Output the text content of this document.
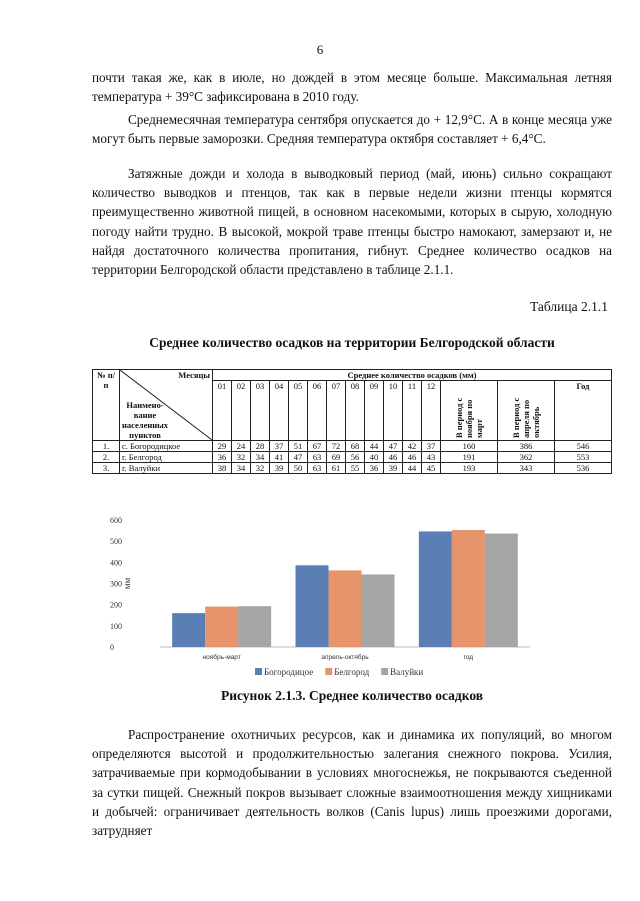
6

почти такая же, как в июле, но дождей в этом месяце больше. Максимальная летняя температура + 39°С зафиксирована в 2010 году.

Среднемесячная температура сентября опускается до + 12,9°С. А в конце месяца уже могут быть первые заморозки. Средняя температура октября составляет + 6,4°С.

Затяжные дожди и холода в выводковый период (май, июнь) сильно сокращают количество выводков и птенцов, так как в первые недели жизни птенцы кормятся преимущественно животной пищей, в основном насекомыми, которых в сырую, холодную погоду найти трудно. В высокой, мокрой траве птенцы быстро намокают, замерзают и, не найдя достаточного количества пропитания, гибнут. Среднее количество осадков на территории Белгородской области представлено в таблице 2.1.1.

Таблица 2.1.1
Среднее количество осадков на территории Белгородской области
№ п/п	Месяцы
Наимено-вание населенных пунктов	Среднее количество осадков (мм)														
		01	02	03	04	05	06	07	08	09	10	11	12	В период с ноября по март	В период с апреля по октябрь	Год
1.	с. Богородицкое	29	24	28	37	51	67	72	68	44	47	42	37	160	386	546
2.	г. Белгород	36	32	34	41	47	63	69	56	40	46	46	43	191	362	553
3.	г. Валуйки	38	34	32	39	50	63	61	55	36	39	44	45	193	343	536
0
100
200
300
400
500
600
мм
ноябрь-март	апрель-октябрь	год
Богородицое Белгород Валуйки
Рисунок 2.1.3. Среднее количество осадков

Распространение охотничьих ресурсов, как и динамика их популяций, во многом определяются высотой и продолжительностью залегания снежного покрова. Усилия, затрачиваемые при кормодобывании в условиях многоснежья, не покрываются съеденной за сутки пищей. Снежный покров вызывает сложные взаимоотношения между хищниками и добычей: ограничивает деятельность волков (Canis lupus) лишь проезжими дорогами, затрудняет
